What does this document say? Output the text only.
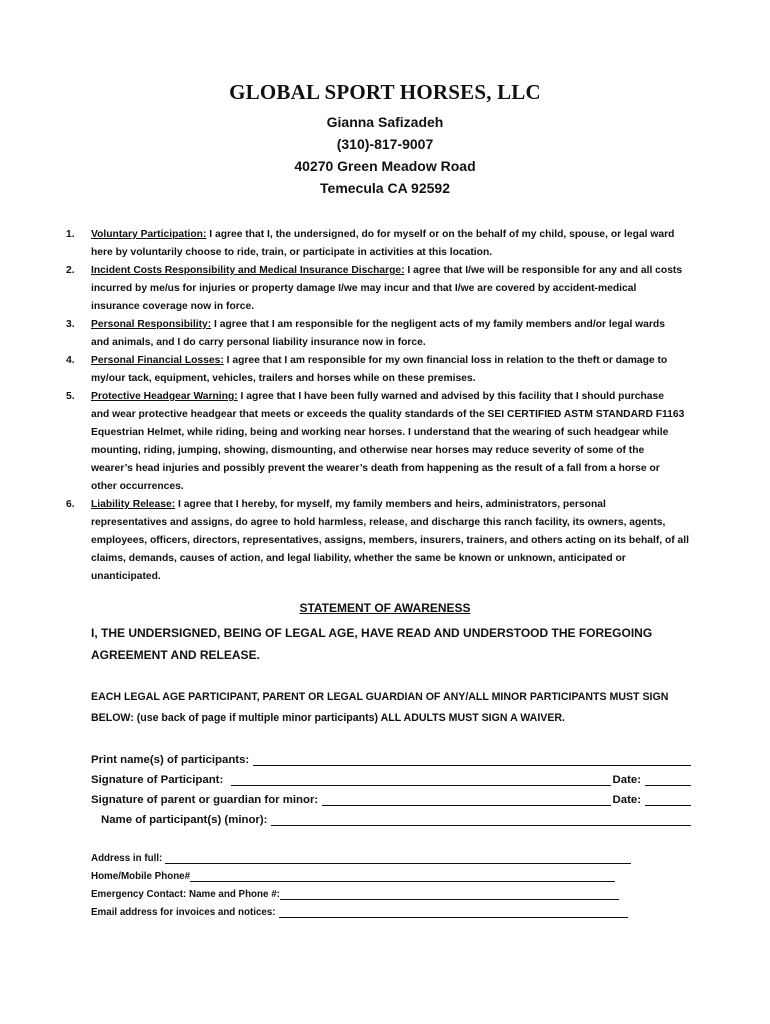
GLOBAL SPORT HORSES, LLC
Gianna Safizadeh
(310)-817-9007
40270 Green Meadow Road
Temecula CA 92592
1. Voluntary Participation: I agree that I, the undersigned, do for myself or on the behalf of my child, spouse, or legal ward
here by voluntarily choose to ride, train, or participate in activities at this location.
2. Incident Costs Responsibility and Medical Insurance Discharge: I agree that I/we will be responsible for any and all costs
incurred by me/us for injuries or property damage I/we may incur and that I/we are covered by accident-medical
insurance coverage now in force.
3. Personal Responsibility: I agree that I am responsible for the negligent acts of my family members and/or legal wards
and animals, and I do carry personal liability insurance now in force.
4. Personal Financial Losses: I agree that I am responsible for my own financial loss in relation to the theft or damage to
my/our tack, equipment, vehicles, trailers and horses while on these premises.
5. Protective Headgear Warning: I agree that I have been fully warned and advised by this facility that I should purchase
and wear protective headgear that meets or exceeds the quality standards of the SEI CERTIFIED ASTM STANDARD F1163
Equestrian Helmet, while riding, being and working near horses. I understand that the wearing of such headgear while
mounting, riding, jumping, showing, dismounting, and otherwise near horses may reduce severity of some of the
wearer’s head injuries and possibly prevent the wearer’s death from happening as the result of a fall from a horse or
other occurrences.
6. Liability Release: I agree that I hereby, for myself, my family members and heirs, administrators, personal
representatives and assigns, do agree to hold harmless, release, and discharge this ranch facility, its owners, agents,
employees, officers, directors, representatives, assigns, members, insurers, trainers, and others acting on its behalf, of all
claims, demands, causes of action, and legal liability, whether the same be known or unknown, anticipated or
unanticipated.
STATEMENT OF AWARENESS
I, THE UNDERSIGNED, BEING OF LEGAL AGE, HAVE READ AND UNDERSTOOD THE FOREGOING
AGREEMENT AND RELEASE.
EACH LEGAL AGE PARTICIPANT, PARENT OR LEGAL GUARDIAN OF ANY/ALL MINOR PARTICIPANTS MUST SIGN
BELOW: (use back of page if multiple minor participants) ALL ADULTS MUST SIGN A WAIVER.
Print name(s) of participants:
Signature of Participant:	Date:
Signature of parent or guardian for minor:	Date:
Name of participant(s) (minor):
Address in full:
Home/Mobile Phone#
Emergency Contact: Name and Phone #:
Email address for invoices and notices:
